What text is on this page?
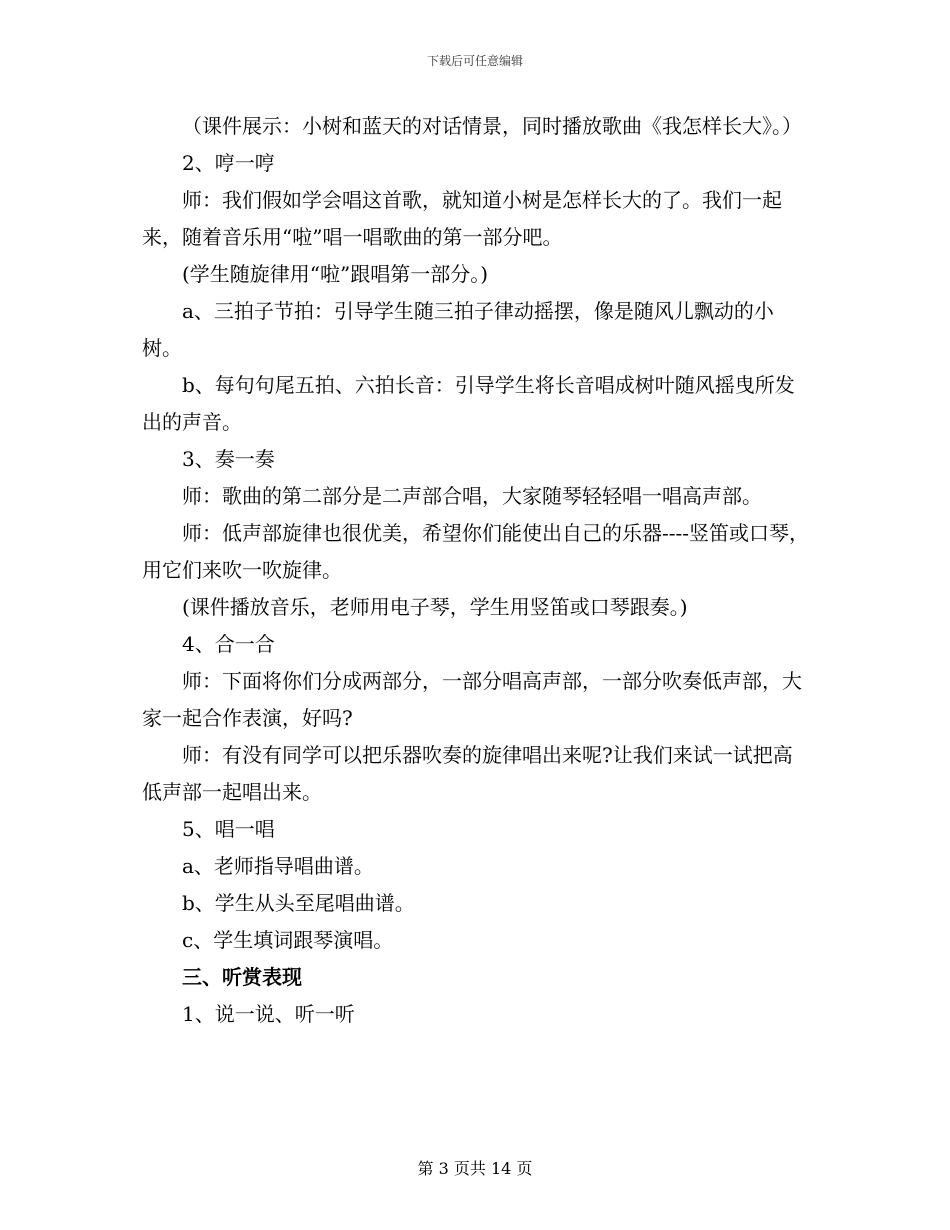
下载后可任意编辑

（课件展示：小树和蓝天的对话情景，同时播放歌曲《我怎样长大》。）

2、哼一哼

师：我们假如学会唱这首歌，就知道小树是怎样长大的了。我们一起来，随着音乐用“啦”唱一唱歌曲的第一部分吧。

(学生随旋律用“啦”跟唱第一部分。)

a、三拍子节拍：引导学生随三拍子律动摇摆，像是随风儿飘动的小树。

b、每句句尾五拍、六拍长音：引导学生将长音唱成树叶随风摇曳所发出的声音。

3、奏一奏

师：歌曲的第二部分是二声部合唱，大家随琴轻轻唱一唱高声部。

师：低声部旋律也很优美，希望你们能使出自己的乐器----竖笛或口琴，用它们来吹一吹旋律。

(课件播放音乐，老师用电子琴，学生用竖笛或口琴跟奏。)

4、合一合

师：下面将你们分成两部分，一部分唱高声部，一部分吹奏低声部，大家一起合作表演，好吗?

师：有没有同学可以把乐器吹奏的旋律唱出来呢?让我们来试一试把高低声部一起唱出来。

5、唱一唱

a、老师指导唱曲谱。

b、学生从头至尾唱曲谱。

c、学生填词跟琴演唱。

三、听赏表现

1、说一说、听一听

第 3 页共 14 页
